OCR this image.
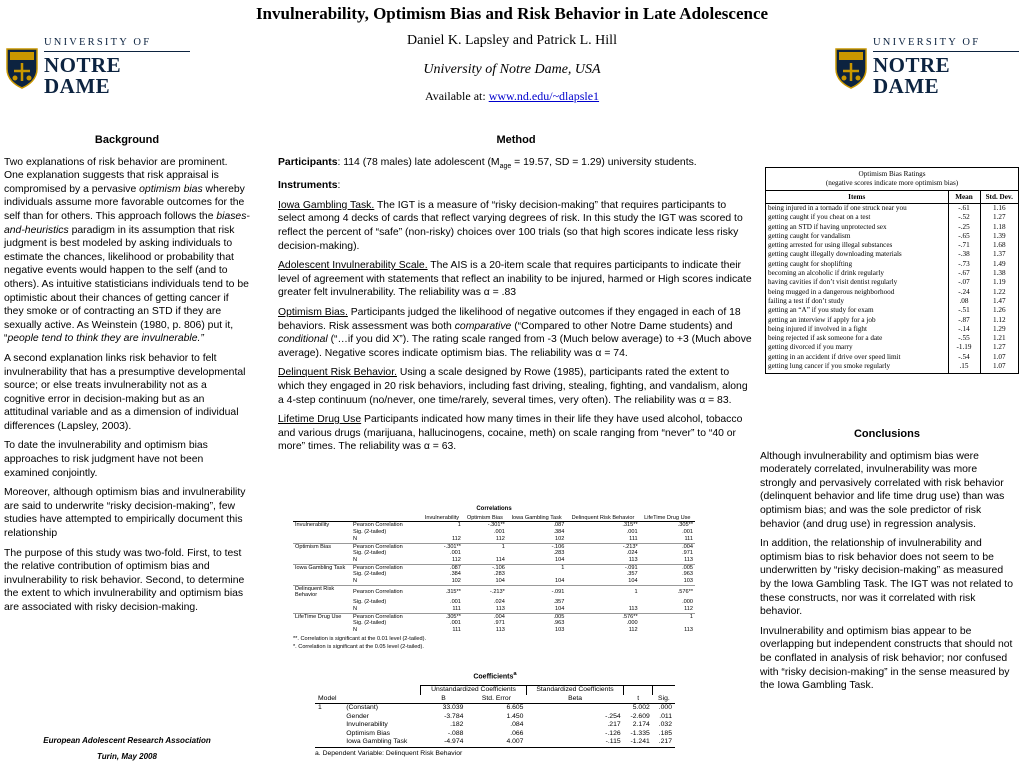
Invulnerability, Optimism Bias and Risk Behavior in Late Adolescence
Daniel K. Lapsley and Patrick L. Hill
University of Notre Dame, USA
Available at: www.nd.edu/~dlapsle1
UNIVERSITY OF
NOTRE DAME
UNIVERSITY OF
NOTRE DAME
Background

Two explanations of risk behavior are prominent. One explanation suggests that risk appraisal is compromised by a pervasive optimism bias whereby individuals assume more favorable outcomes for the self than for others. This approach follows the biases-and-heuristics paradigm in its assumption that risk judgment is best modeled by asking individuals to estimate the chances, likelihood or probability that negative events would happen to the self (and to others). As intuitive statisticians individuals tend to be optimistic about their chances of getting cancer if they smoke or of contracting an STD if they are sexually active. As Weinstein (1980, p. 806) put it, “people tend to think they are invulnerable.”

A second explanation links risk behavior to felt invulnerability that has a presumptive developmental source; or else treats invulnerability not as a cognitive error in decision-making but as an attitudinal variable and as a dimension of individual differences (Lapsley, 2003).

To date the invulnerability and optimism bias approaches to risk judgment have not been examined conjointly.

Moreover, although optimism bias and invulnerability are said to underwrite “risky decision-making”, few studies have attempted to empirically document this relationship

The purpose of this study was two-fold. First, to test the relative contribution of optimism bias and invulnerability to risk behavior. Second, to determine the extent to which invulnerability and optimism bias are associated with risky decision-making.

European Adolescent Research Association
Turin, May 2008
Method

Participants: 114 (78 males) late adolescent ($M_{age} = 19.57$, SD = 1.29) university students.

Instruments:

Iowa Gambling Task. The IGT is a measure of “risky decision-making” that requires participants to select among 4 decks of cards that reflect varying degrees of risk. In this study the IGT was scored to reflect the percent of “safe” (non-risky) choices over 100 trials (so that high scores indicate less risky decision-making).

Adolescent Invulnerability Scale. The AIS is a 20-item scale that requires participants to indicate their level of agreement with statements that reflect an inability to be injured, harmed or High scores indicate greater felt invulnerability. The reliability was α = .83

Optimism Bias. Participants judged the likelihood of negative outcomes if they engaged in each of 18 behaviors. Risk assessment was both comparative (“Compared to other Notre Dame students) and conditional (“…if you did X”). The rating scale ranged from -3 (Much below average) to +3 (Much above average). Negative scores indicate optimism bias. The reliability was α = 74.

Delinquent Risk Behavior. Using a scale designed by Rowe (1985), participants rated the extent to which they engaged in 20 risk behaviors, including fast driving, stealing, fighting, and vandalism, along a 4-step continuum (no/never, one time/rarely, several times, very often). The reliability was α = 83.

Lifetime Drug Use Participants indicated how many times in their life they have used alcohol, tobacco and various drugs (marijuana, hallucinogens, cocaine, meth) on scale ranging from “never” to “40 or more” times. The reliability was α = 63.

Correlations
		Invulnerability	Optimism Bias	Iowa Gambling Task	Delinquent Risk Behavior	LifeTime Drug Use
Invulnerability	Pearson Correlation	1	-.301**	.087	.315**	.305**
	Sig. (2-tailed)		.001	.384	.001	.001
	N	112	112	102	111	111
Optimism Bias	Pearson Correlation	-.301**	1	-.106	-.213*	.004
	Sig. (2-tailed)	.001		.283	.024	.971
	N	112	114	104	113	113
Iowa Gambling Task	Pearson Correlation	.087	-.106	1	-.091	.005
	Sig. (2-tailed)	.384	.283		.357	.963
	N	102	104	104	104	103
Delinquent Risk Behavior	Pearson Correlation	.315**	-.213*	-.091	1	.576**
	Sig. (2-tailed)	.001	.024	.357		.000
	N	111	113	104	113	112
LifeTime Drug Use	Pearson Correlation	.305**	.004	.005	.576**	1
	Sig. (2-tailed)	.001	.971	.963	.000	
	N	111	113	103	112	113
**. Correlation is significant at the 0.01 level (2-tailed).
*. Correlation is significant at the 0.05 level (2-tailed).
Coefficients$^a$
		Unstandardized Coefficients		Standardized Coefficients		
Model		B	Std. Error	Beta	t	Sig.
1	(Constant)	33.039	6.605		5.002	.000
	Gender	-3.784	1.450	-.254	-2.609	.011
	Invulnerability	.182	.084	.217	2.174	.032
	Optimism Bias	-.088	.066	-.126	-1.335	.185
	Iowa Gambling Task	-4.974	4.007	-.115	-1.241	.217
a. Dependent Variable: Delinquent Risk Behavior
Optimism Bias Ratings
(negative scores indicate more optimism bias)
Items	Mean	Std. Dev.
being injured in a tornado if one struck near you	-.61	1.16
getting caught if you cheat on a test	-.52	1.27
getting an STD if having unprotected sex	-.25	1.18
getting caught for vandalism	-.65	1.39
getting arrested for using illegal substances	-.71	1.68
getting caught illegally downloading materials	-.38	1.37
getting caught for shoplifting	-.73	1.49
becoming an alcoholic if drink regularly	-.67	1.38
having cavities if don’t visit dentist regularly	-.07	1.19
being mugged in a dangerous neighborhood	-.24	1.22
failing a test if don’t study	.08	1.47
getting an “A” if you study for exam	-.51	1.26
getting an interview if apply for a job	-.87	1.12
being injured if involved in a fight	-.14	1.29
being rejected if ask someone for a date	-.55	1.21
getting divorced if you marry	-1.19	1.27
getting in an accident if drive over speed limit	-.54	1.07
getting lung cancer if you smoke regularly	.15	1.07
Conclusions

Although invulnerability and optimism bias were moderately correlated, invulnerability was more strongly and pervasively correlated with risk behavior (delinquent behavior and life time drug use) than was optimism bias; and was the sole predictor of risk behavior (and drug use) in regression analysis.

In addition, the relationship of invulnerability and optimism bias to risk behavior does not seem to be underwritten by “risky decision-making” as measured by the Iowa Gambling Task. The IGT was not related to these constructs, nor was it correlated with risk behavior.

Invulnerability and optimism bias appear to be overlapping but independent constructs that should not be conflated in analysis of risk behavior; nor confused with “risky decision-making” in the sense measured by the Iowa Gambling Task.
